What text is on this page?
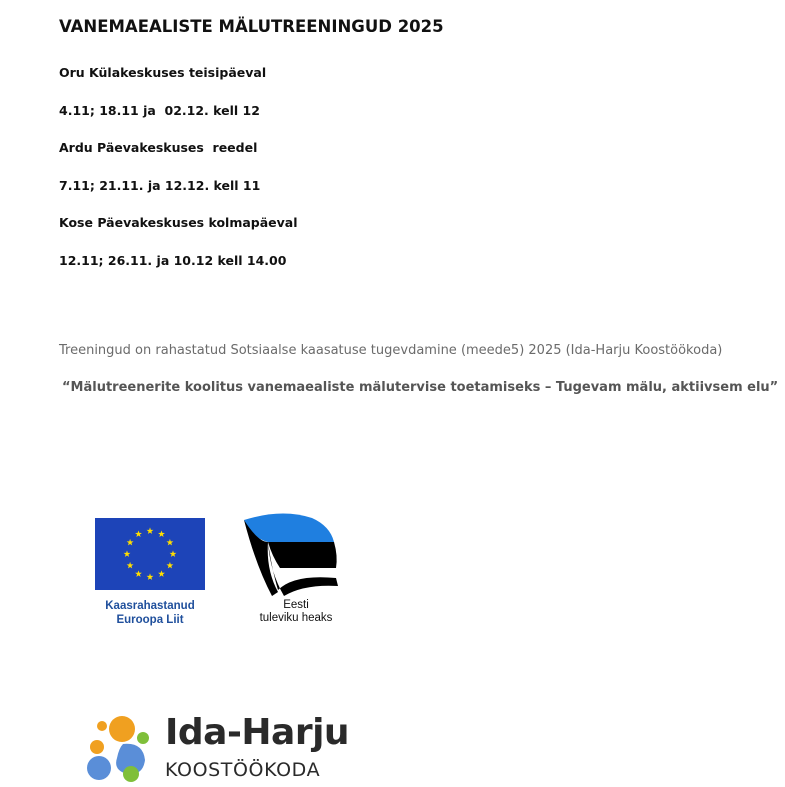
VANEMAEALISTE MÄLUTREENINGUD 2025
Oru Külakeskuses teisipäeval
4.11; 18.11 ja  02.12. kell 12
Ardu Päevakeskuses  reedel
7.11; 21.11. ja 12.12. kell 11
Kose Päevakeskuses kolmapäeval
12.11; 26.11. ja 10.12 kell 14.00

Treeningud on rahastatud Sotsiaalse kaasatuse tugevdamine (meede5) 2025 (Ida-Harju Koostöökoda)

“Mälutreenerite koolitus vanemaealiste mälutervise toetamiseks – Tugevam mälu, aktiivsem elu”

Kaasrahastanud
Euroopa Liit
Eesti
tuleviku heaks
Ida-Harju
KOOSTÖÖKODA
